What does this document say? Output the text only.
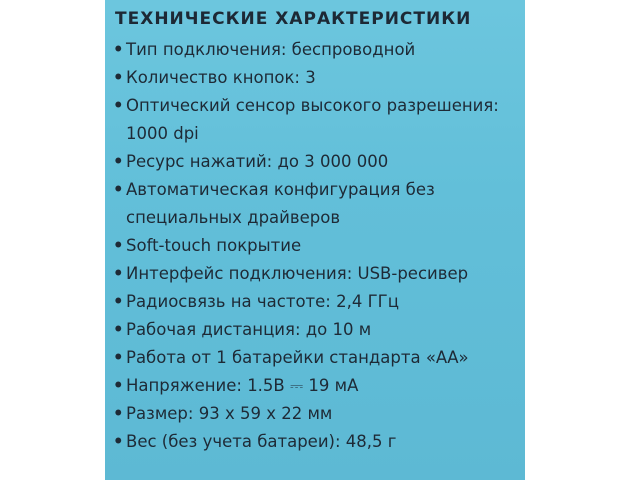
ТЕХНИЧЕСКИЕ ХАРАКТЕРИСТИКИ
• Тип подключения: беспроводной
• Количество кнопок: 3
• Оптический сенсор высокого разрешения:
1000 dpi
• Ресурс нажатий: до 3 000 000
• Автоматическая конфигурация без
специальных драйверов
• Soft-touch покрытие
• Интерфейс подключения: USB-ресивер
• Радиосвязь на частоте: 2,4 ГГц
• Рабочая дистанция: до 10 м
• Работа от 1 батарейки стандарта «АА»
• Напряжение: 1.5В ⎓ 19 мА
• Размер: 93 х 59 х 22 мм
• Вес (без учета батареи): 48,5 г
